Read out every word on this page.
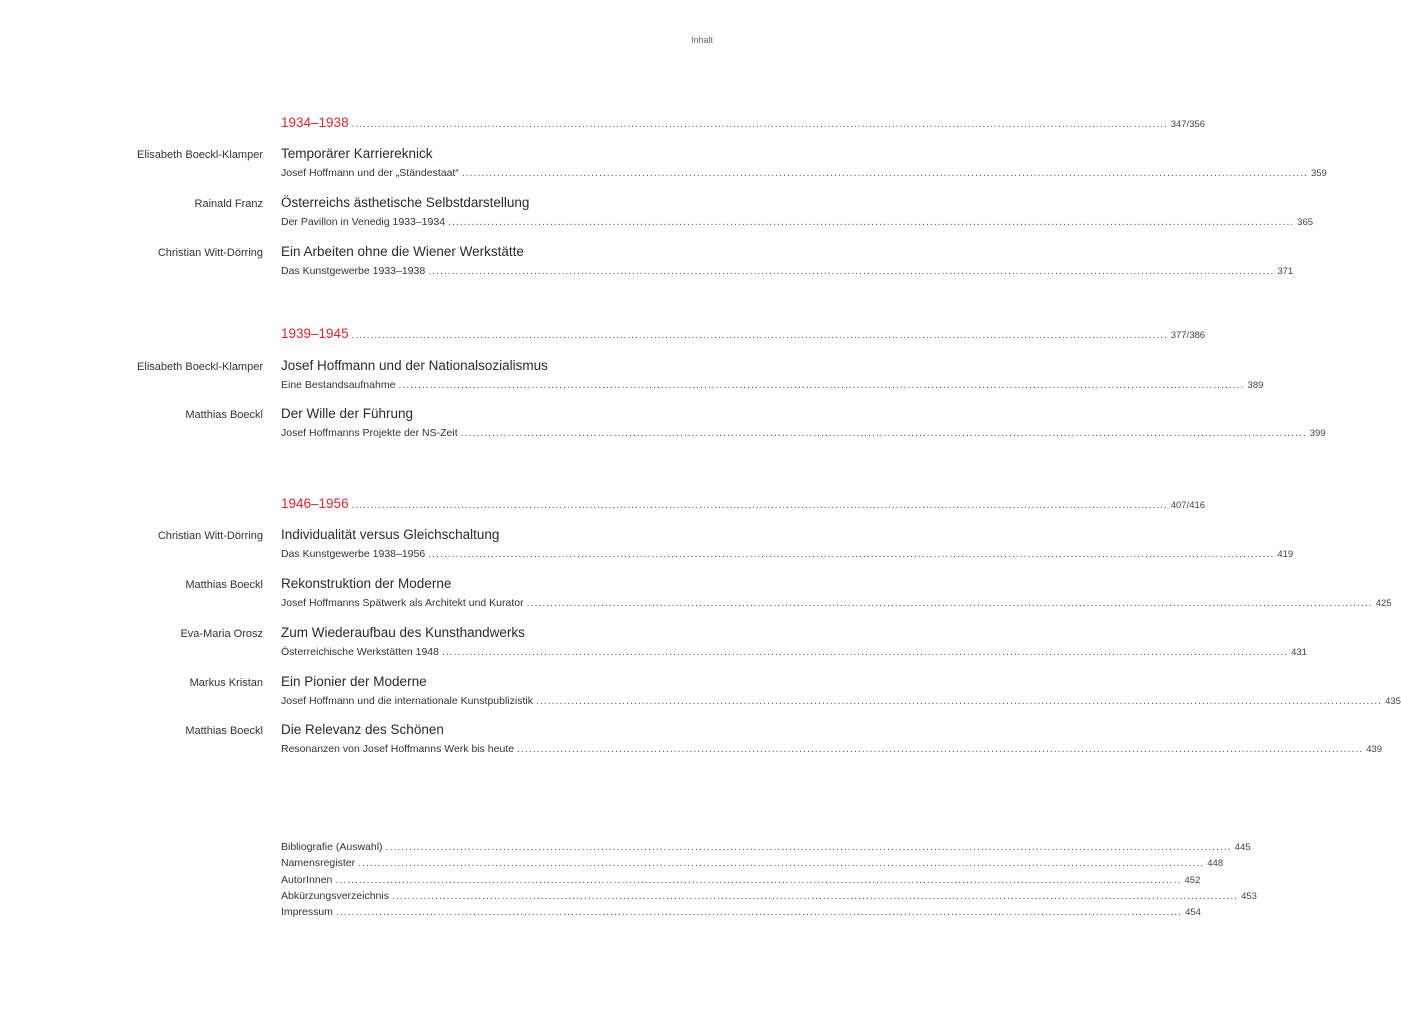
Inhalt
1934–1938 ........................................................................................................................................................................................................................ 347/356
Elisabeth Boeckl-Klamper Temporärer Karriereknick
Josef Hoffmann und der „Ständestaat“ ........................................................................................................................................................................................................................ 359
Rainald Franz Österreichs ästhetische Selbstdarstellung
Der Pavillon in Venedig 1933–1934 ........................................................................................................................................................................................................................ 365
Christian Witt-Dörring Ein Arbeiten ohne die Wiener Werkstätte
Das Kunstgewerbe 1933–1938 ........................................................................................................................................................................................................................ 371
1939–1945 ........................................................................................................................................................................................................................ 377/386
Elisabeth Boeckl-Klamper Josef Hoffmann und der Nationalsozialismus
Eine Bestandsaufnahme ........................................................................................................................................................................................................................ 389
Matthias Boeckl Der Wille der Führung
Josef Hoffmanns Projekte der NS-Zeit ........................................................................................................................................................................................................................ 399
1946–1956 ........................................................................................................................................................................................................................ 407/416
Christian Witt-Dörring Individualität versus Gleichschaltung
Das Kunstgewerbe 1938–1956 ........................................................................................................................................................................................................................ 419
Matthias Boeckl Rekonstruktion der Moderne
Josef Hoffmanns Spätwerk als Architekt und Kurator ........................................................................................................................................................................................................................ 425
Eva-Maria Orosz Zum Wiederaufbau des Kunsthandwerks
Österreichische Werkstätten 1948 ........................................................................................................................................................................................................................ 431
Markus Kristan Ein Pionier der Moderne
Josef Hoffmann und die internationale Kunstpublizistik ........................................................................................................................................................................................................................ 435
Matthias Boeckl Die Relevanz des Schönen
Resonanzen von Josef Hoffmanns Werk bis heute ........................................................................................................................................................................................................................ 439
Bibliografie (Auswahl) ........................................................................................................................................................................................................................ 445
Namensregister ........................................................................................................................................................................................................................ 448
AutorInnen ........................................................................................................................................................................................................................ 452
Abkürzungsverzeichnis ........................................................................................................................................................................................................................ 453
Impressum ........................................................................................................................................................................................................................ 454
